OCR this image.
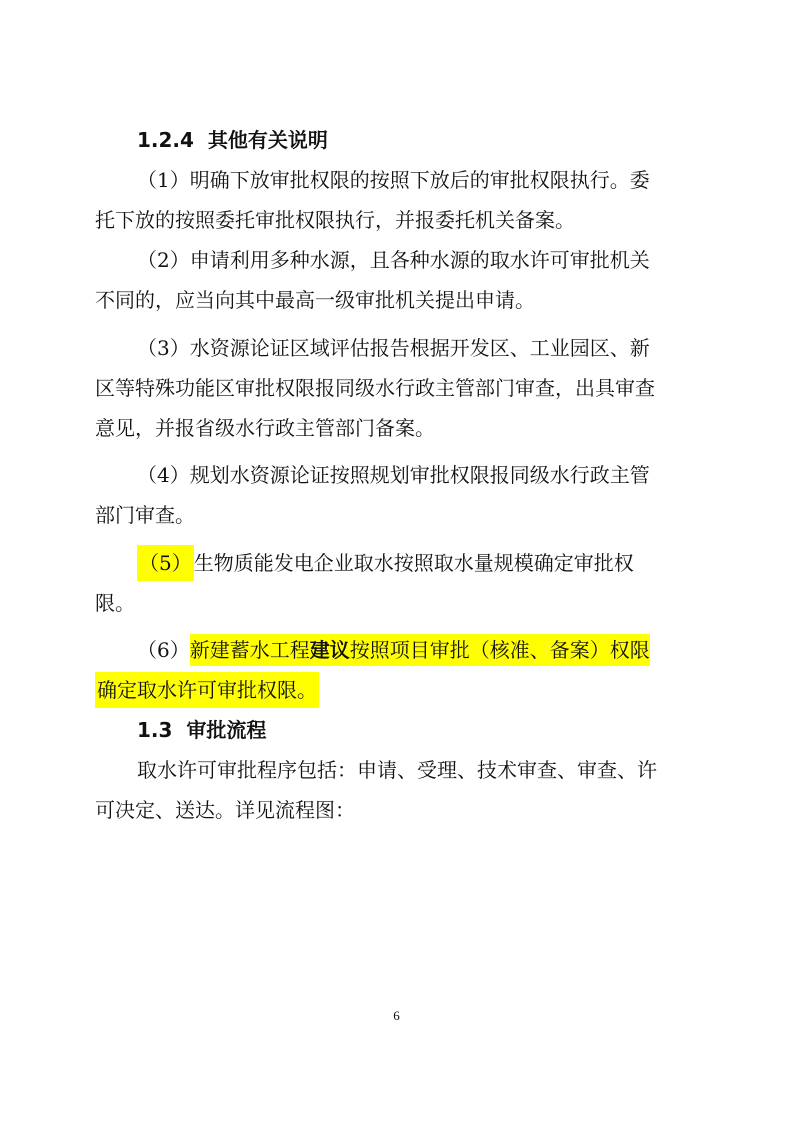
1.2.4 其他有关说明
（1）明确下放审批权限的按照下放后的审批权限执行。委
托下放的按照委托审批权限执行，并报委托机关备案。
（2）申请利用多种水源，且各种水源的取水许可审批机关
不同的，应当向其中最高一级审批机关提出申请。
（3）水资源论证区域评估报告根据开发区、工业园区、新
区等特殊功能区审批权限报同级水行政主管部门审查，出具审查
意见，并报省级水行政主管部门备案。
（4）规划水资源论证按照规划审批权限报同级水行政主管
部门审查。
（5） 生物质能发电企业取水按照取水量规模确定审批权
限。
（6）新建蓄水工程建议按照项目审批（核准、备案）权限
确定取水许可审批权限。
1.3 审批流程
取水许可审批程序包括：申请、受理、技术审查、审查、许
可决定、送达。详见流程图：
6
